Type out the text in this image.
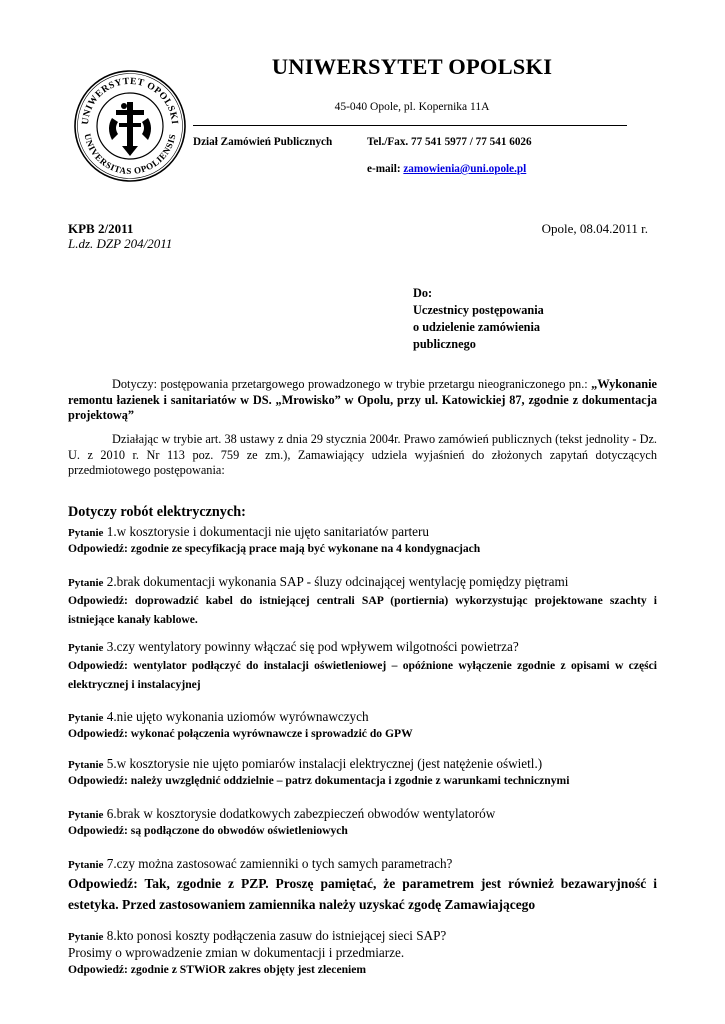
UNIWERSYTET OPOLSKI
UNIVERSITAS OPOLIENSIS
UNIWERSYTET OPOLSKI
45-040 Opole, pl. Kopernika 11A
Dział Zamówień Publicznych	Tel./Fax. 77 541 5977 / 77 541 6026
e-mail: zamowienia@uni.opole.pl
KPB 2/2011
L.dz. DZP 204/2011
Opole, 08.04.2011 r.
Do:
Uczestnicy postępowania
o udzielenie zamówienia
publicznego
Dotyczy: postępowania przetargowego prowadzonego w trybie przetargu nieograniczonego pn.: „Wykonanie remontu łazienek i sanitariatów w DS. „Mrowisko” w Opolu, przy ul. Katowickiej 87, zgodnie z dokumentacja projektową”
Działając w trybie art. 38 ustawy z dnia 29 stycznia 2004r. Prawo zamówień publicznych (tekst jednolity - Dz. U. z 2010 r. Nr 113 poz. 759 ze zm.), Zamawiający udziela wyjaśnień do złożonych zapytań dotyczących przedmiotowego postępowania:
Dotyczy robót elektrycznych:
Pytanie 1.w kosztorysie i dokumentacji nie ujęto sanitariatów parteru
Odpowiedź: zgodnie ze specyfikacją prace mają być wykonane na 4 kondygnacjach
Pytanie 2.brak dokumentacji wykonania SAP - śluzy odcinającej wentylację pomiędzy piętrami
Odpowiedź: doprowadzić kabel do istniejącej centrali SAP (portiernia) wykorzystując projektowane szachty i istniejące kanały kablowe.
Pytanie 3.czy wentylatory powinny włączać się pod wpływem wilgotności powietrza?
Odpowiedź: wentylator podłączyć do instalacji oświetleniowej – opóźnione wyłączenie zgodnie z opisami w części elektrycznej i instalacyjnej
Pytanie 4.nie ujęto wykonania uziomów wyrównawczych
Odpowiedź: wykonać połączenia wyrównawcze i sprowadzić do GPW
Pytanie 5.w kosztorysie nie ujęto pomiarów instalacji elektrycznej (jest natężenie oświetl.)
Odpowiedź: należy uwzględnić oddzielnie – patrz dokumentacja i zgodnie z warunkami technicznymi
Pytanie 6.brak w kosztorysie dodatkowych zabezpieczeń obwodów wentylatorów
Odpowiedź: są podłączone do obwodów oświetleniowych
Pytanie 7.czy można zastosować zamienniki o tych samych parametrach?
Odpowiedź: Tak, zgodnie z PZP. Proszę pamiętać, że parametrem jest również bezawaryjność i estetyka. Przed zastosowaniem zamiennika należy uzyskać zgodę Zamawiającego
Pytanie 8.kto ponosi koszty podłączenia zasuw do istniejącej sieci SAP?
Prosimy o wprowadzenie zmian w dokumentacji i przedmiarze.
Odpowiedź: zgodnie z STWiOR zakres objęty jest zleceniem
